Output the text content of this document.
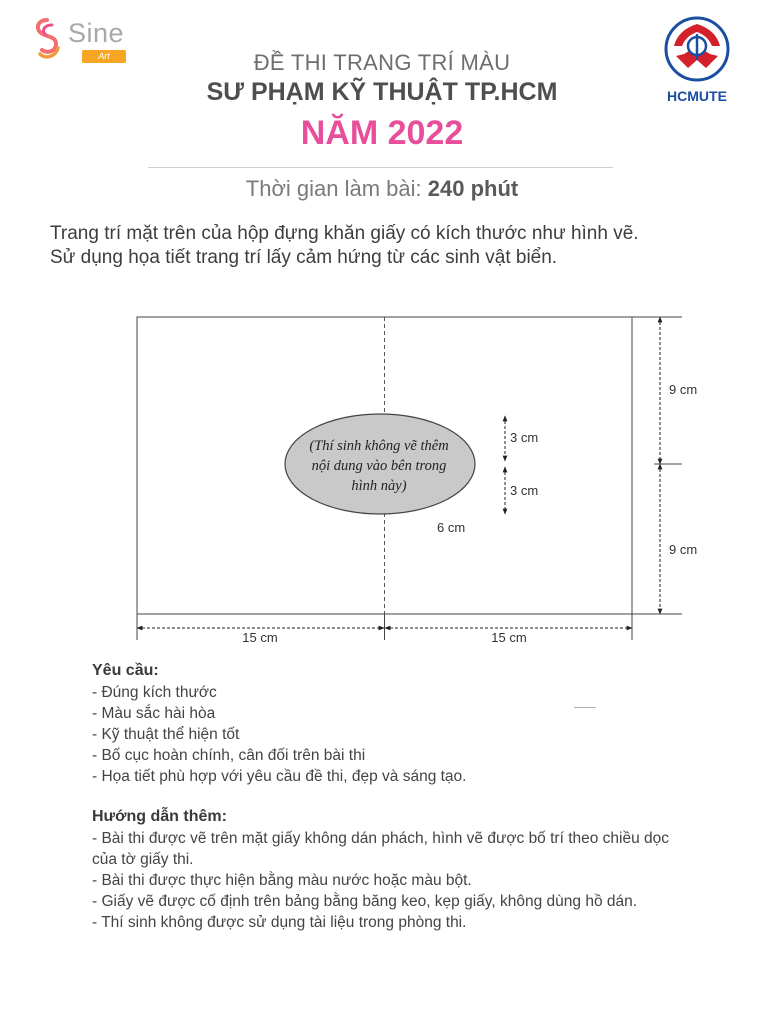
Sine
Art
HCMUTE
ĐỀ THI TRANG TRÍ MÀU
SƯ PHẠM KỸ THUẬT TP.HCM
NĂM 2022
Thời gian làm bài: 240 phút

Trang trí mặt trên của hộp đựng khăn giấy có kích thước như hình vẽ.

Sử dụng họa tiết trang trí lấy cảm hứng từ các sinh vật biển.

(Thí sinh không vẽ thêm
nội dung vào bên trong
hình này)
3 cm
3 cm
6 cm
9 cm
9 cm
15 cm	15 cm
Yêu cầu:
- Đúng kích thước
- Màu sắc hài hòa
- Kỹ thuật thể hiện tốt
- Bố cục hoàn chính, cân đối trên bài thi
- Họa tiết phù hợp với yêu cầu đề thi, đẹp và sáng tạo.
Hướng dẫn thêm:
- Bài thi được vẽ trên mặt giấy không dán phách, hình vẽ được bố trí theo chiều dọc của tờ giấy thi.
- Bài thi được thực hiện bằng màu nước hoặc màu bột.
- Giấy vẽ được cố định trên bảng bằng băng keo, kẹp giấy, không dùng hồ dán.
- Thí sinh không được sử dụng tài liệu trong phòng thi.
